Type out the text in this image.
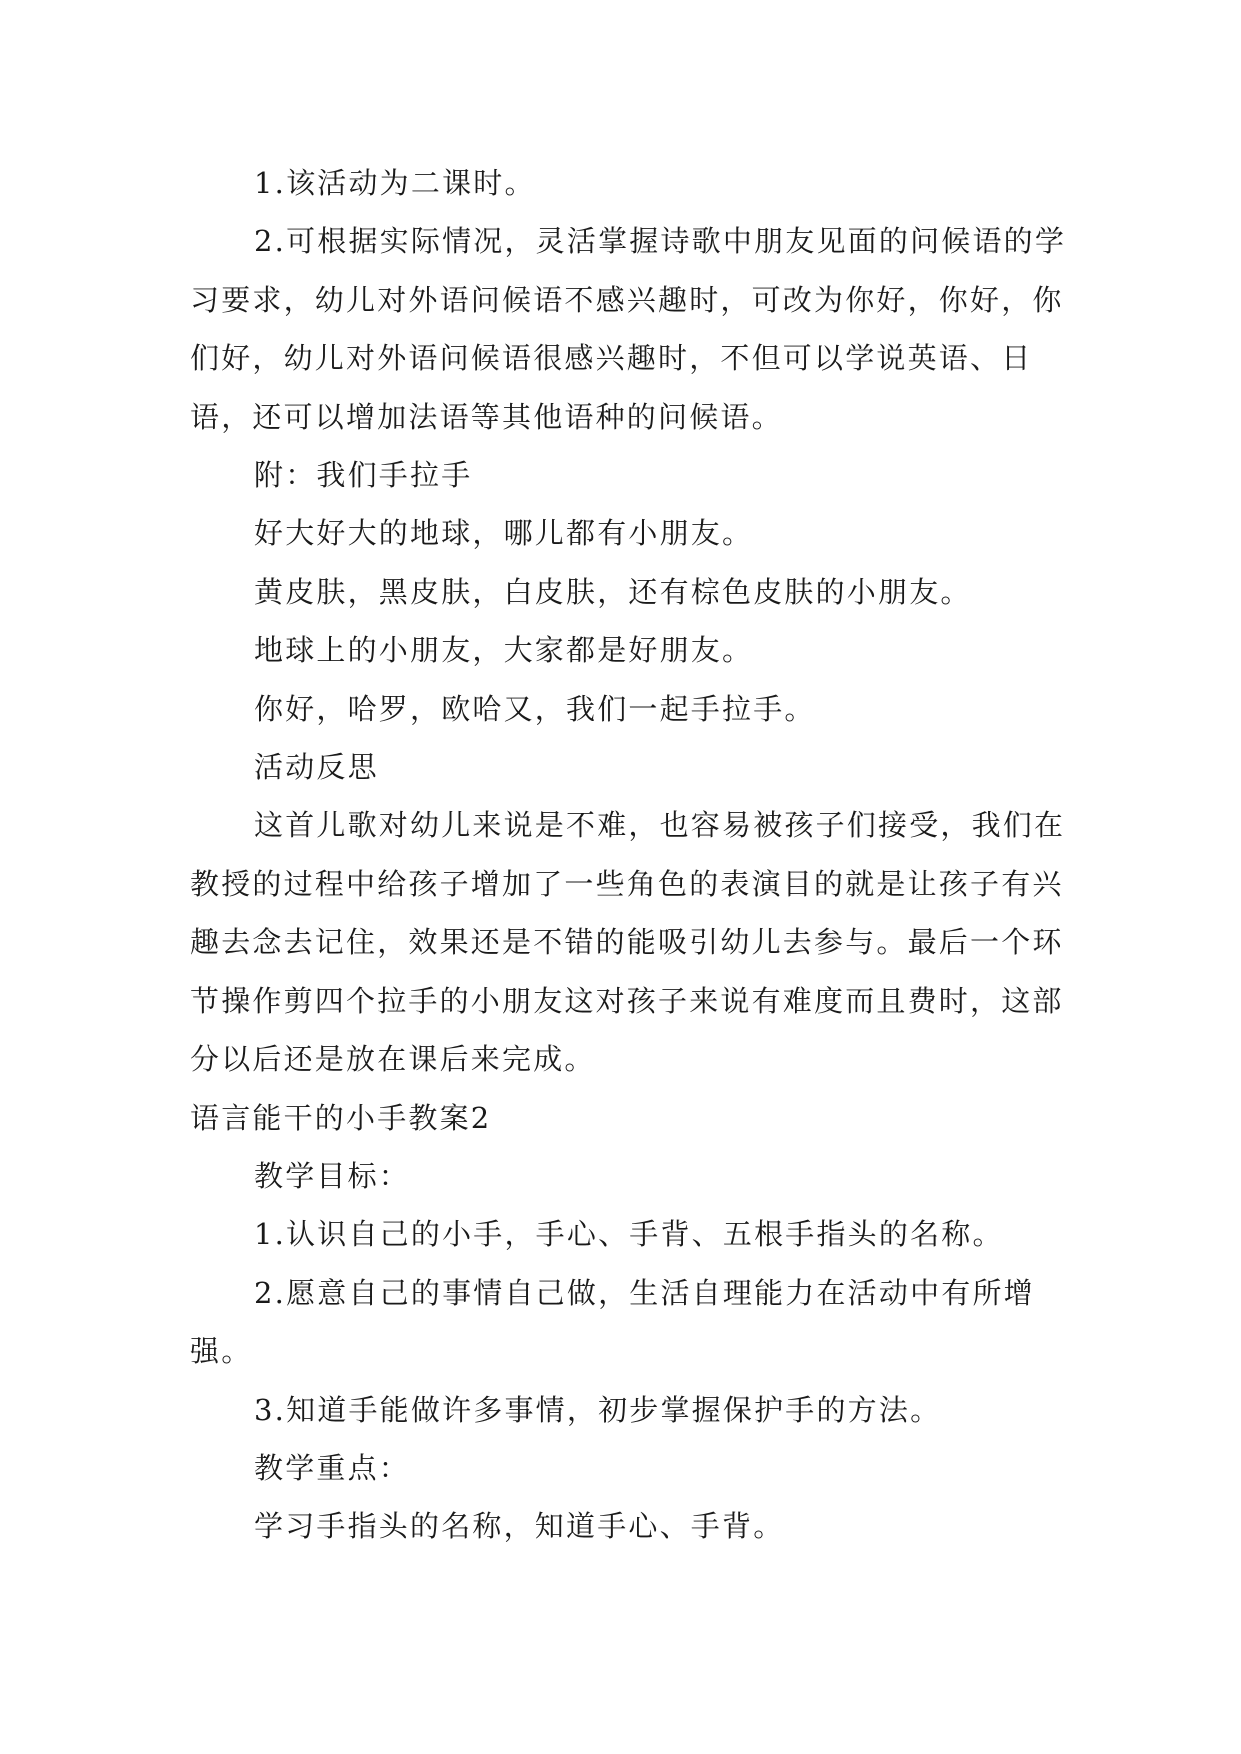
1.该活动为二课时。

2.可根据实际情况，灵活掌握诗歌中朋友见面的问候语的学习要求，幼儿对外语问候语不感兴趣时，可改为你好，你好，你们好，幼儿对外语问候语很感兴趣时，不但可以学说英语、日语，还可以增加法语等其他语种的问候语。

附：我们手拉手

好大好大的地球，哪儿都有小朋友。

黄皮肤，黑皮肤，白皮肤，还有棕色皮肤的小朋友。

地球上的小朋友，大家都是好朋友。

你好，哈罗，欧哈又，我们一起手拉手。

活动反思

这首儿歌对幼儿来说是不难，也容易被孩子们接受，我们在教授的过程中给孩子增加了一些角色的表演目的就是让孩子有兴趣去念去记住，效果还是不错的能吸引幼儿去参与。最后一个环节操作剪四个拉手的小朋友这对孩子来说有难度而且费时，这部分以后还是放在课后来完成。

语言能干的小手教案2

教学目标：

1.认识自己的小手，手心、手背、五根手指头的名称。

2.愿意自己的事情自己做，生活自理能力在活动中有所增强。

3.知道手能做许多事情，初步掌握保护手的方法。

教学重点：

学习手指头的名称，知道手心、手背。
